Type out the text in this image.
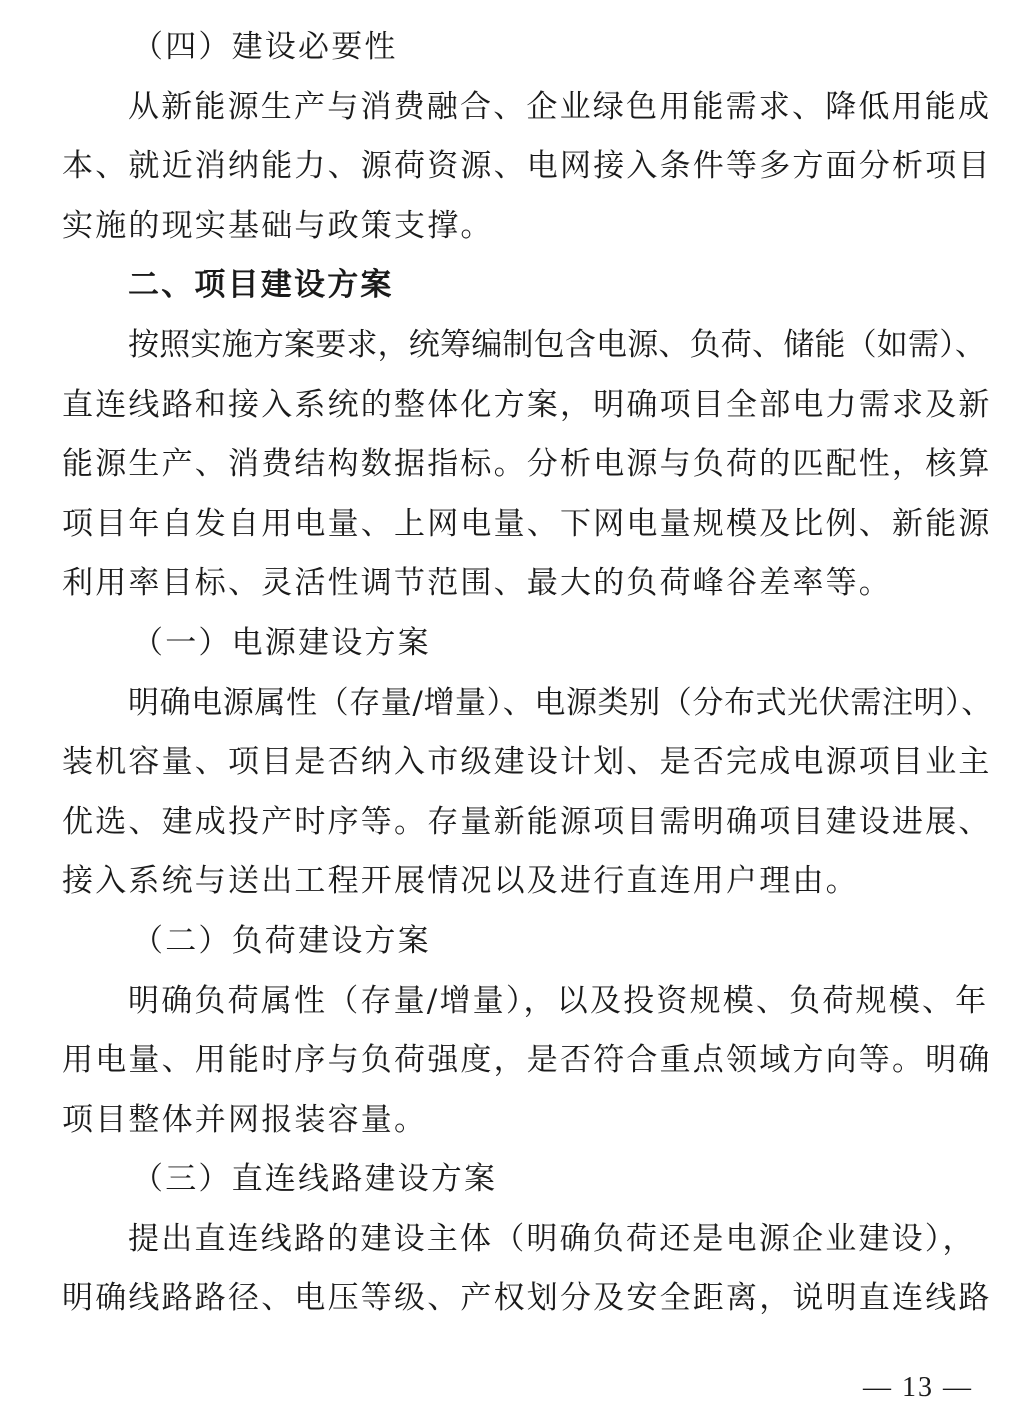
（四）建设必要性
从新能源生产与消费融合、企业绿色用能需求、降低用能成
本、就近消纳能力、源荷资源、电网接入条件等多方面分析项目
实施的现实基础与政策支撑。
二、项目建设方案
按照实施方案要求，统筹编制包含电源、负荷、储能（如需）、
直连线路和接入系统的整体化方案，明确项目全部电力需求及新
能源生产、消费结构数据指标。分析电源与负荷的匹配性，核算
项目年自发自用电量、上网电量、下网电量规模及比例、新能源
利用率目标、灵活性调节范围、最大的负荷峰谷差率等。
（一）电源建设方案
明确电源属性（存量/增量）、电源类别（分布式光伏需注明）、
装机容量、项目是否纳入市级建设计划、是否完成电源项目业主
优选、建成投产时序等。存量新能源项目需明确项目建设进展、
接入系统与送出工程开展情况以及进行直连用户理由。
（二）负荷建设方案
明确负荷属性（存量/增量），以及投资规模、负荷规模、年
用电量、用能时序与负荷强度，是否符合重点领域方向等。明确
项目整体并网报装容量。
（三）直连线路建设方案
提出直连线路的建设主体（明确负荷还是电源企业建设），
明确线路路径、电压等级、产权划分及安全距离，说明直连线路
— 13 —
